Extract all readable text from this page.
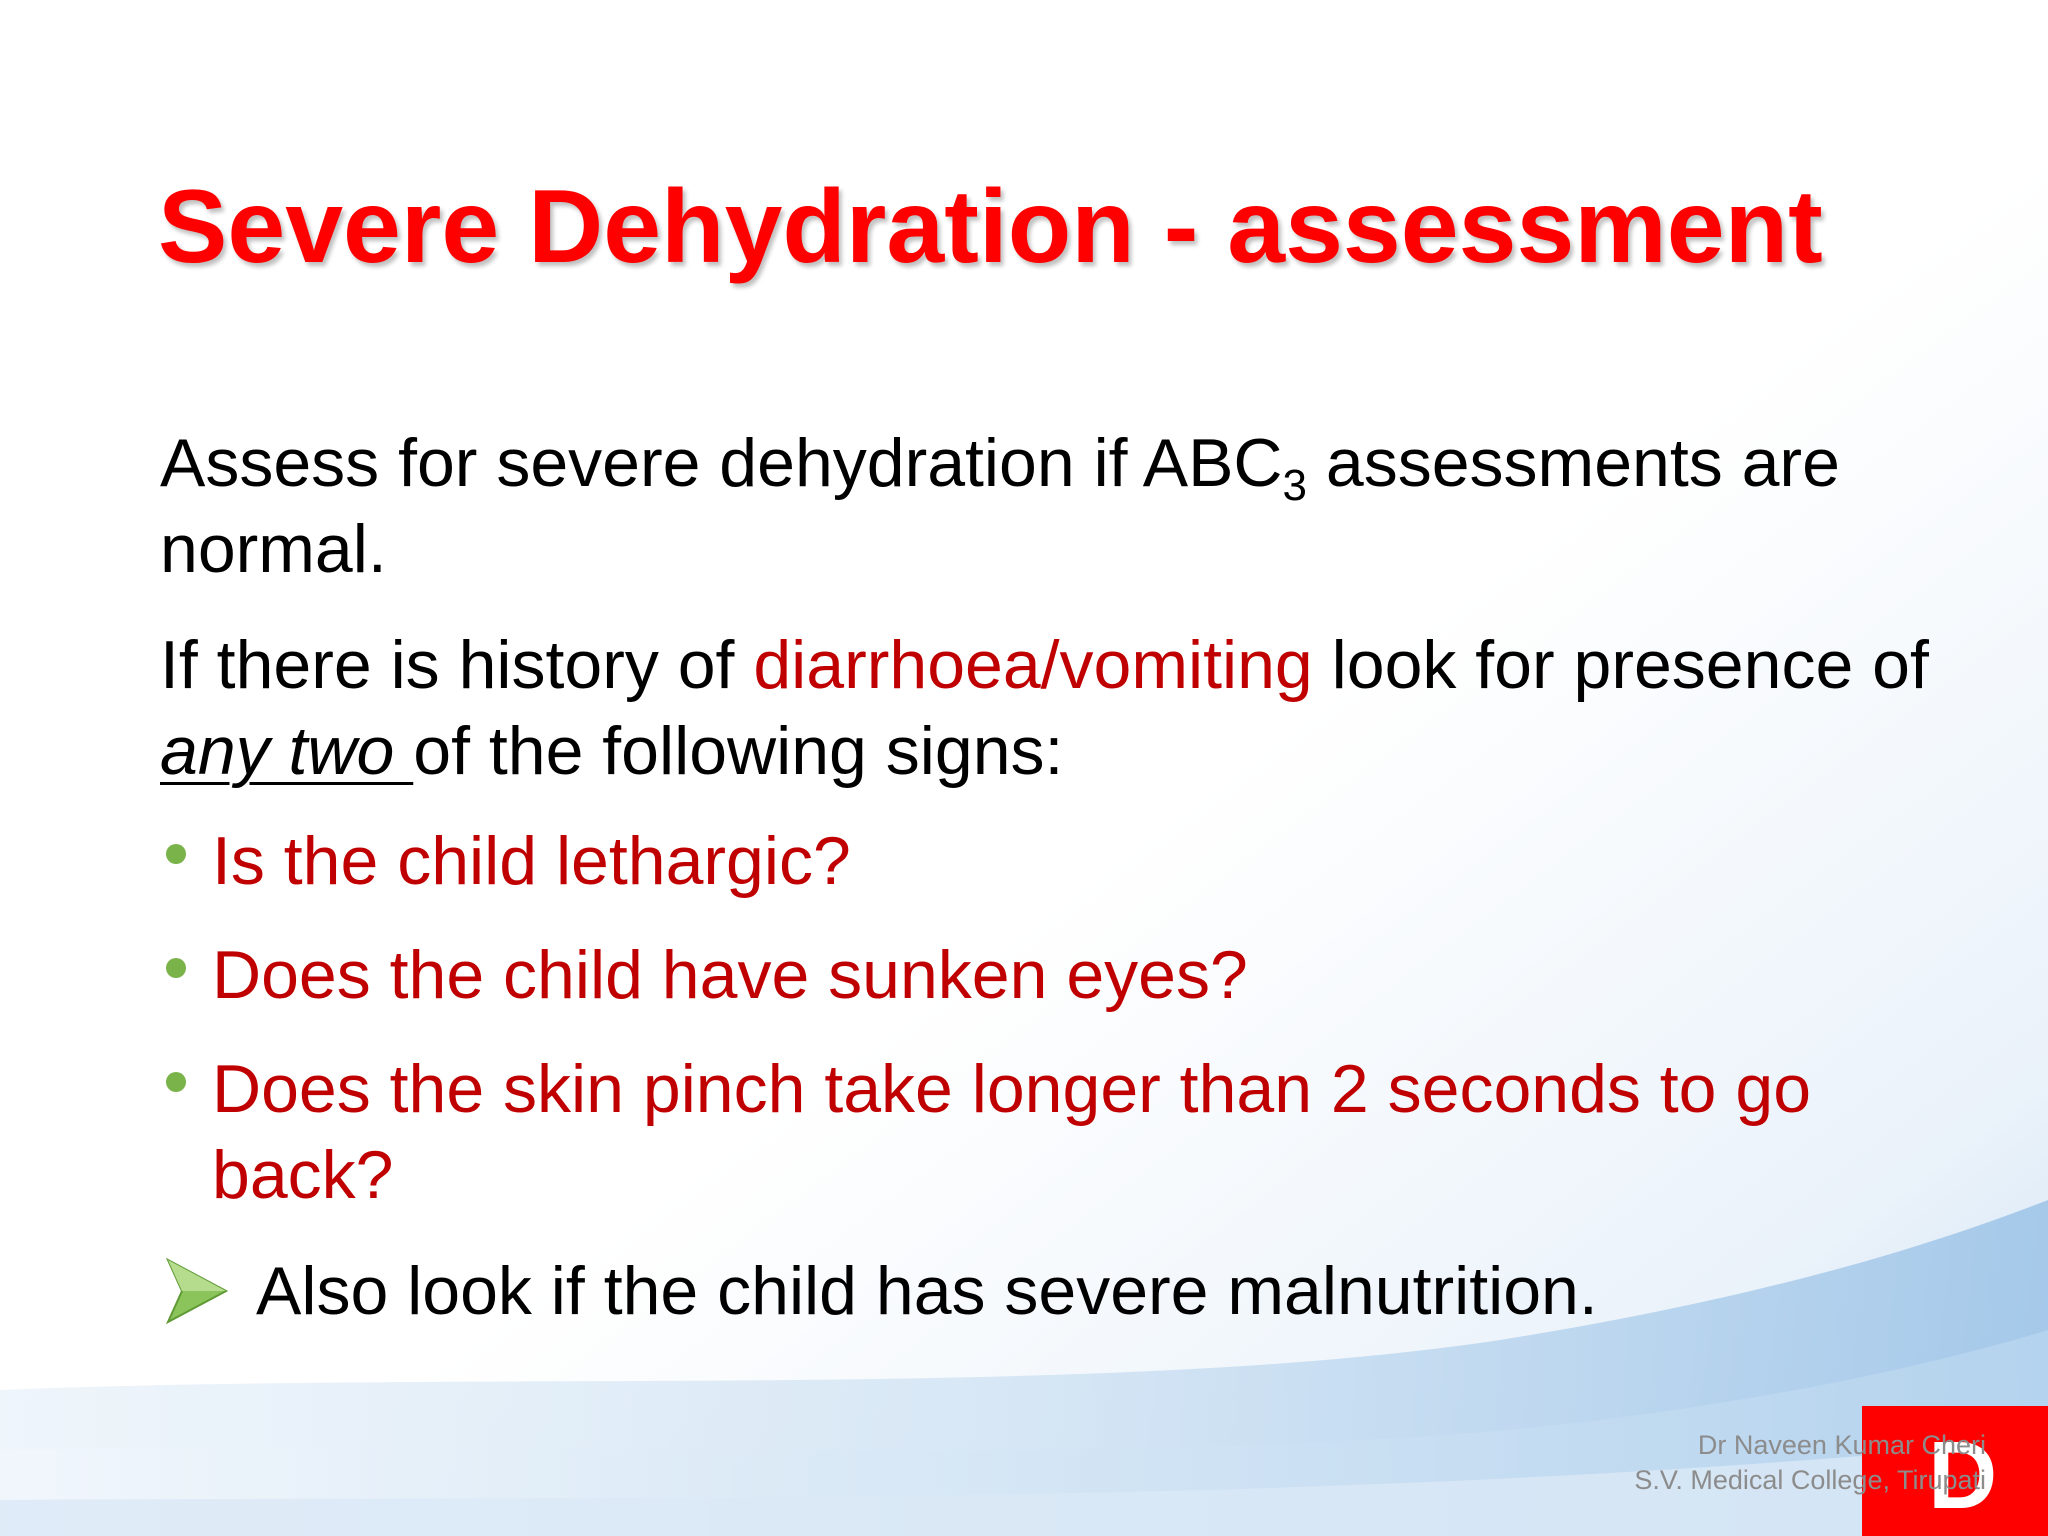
Severe Dehydration - assessment

Assess for severe dehydration if $ABC_3$ assessments are normal.

If there is history of diarrhoea/vomiting look for presence of any two of the following signs:

Is the child lethargic?
Does the child have sunken eyes?
Does the skin pinch take longer than 2 seconds to go back?
Also look if the child has severe malnutrition.
D
Dr Naveen Kumar Cheri
S.V. Medical College, Tirupati
